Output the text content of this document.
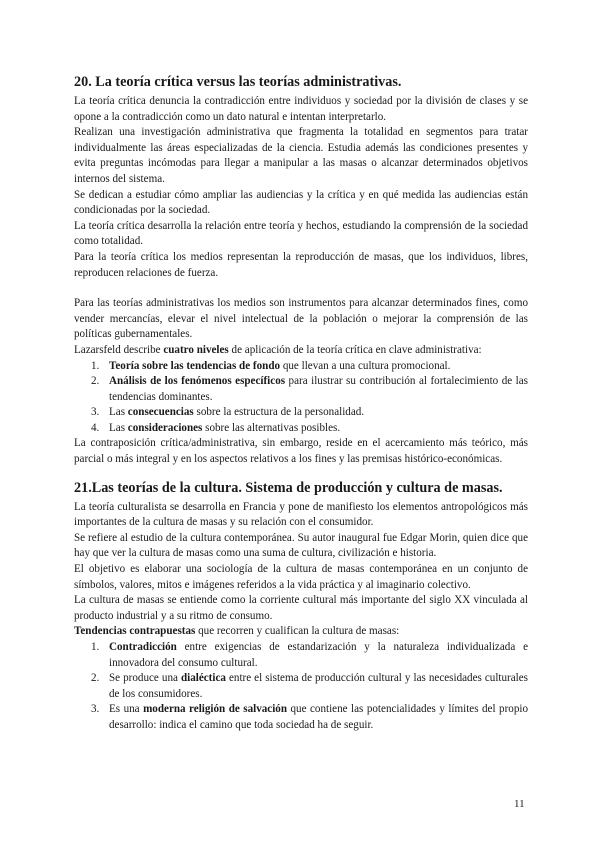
20. La teoría crítica versus las teorías administrativas.

La teoría crítica denuncia la contradicción entre individuos y sociedad por la división de clases y se opone a la contradicción como un dato natural e intentan interpretarlo.

Realizan una investigación administrativa que fragmenta la totalidad en segmentos para tratar individualmente las áreas especializadas de la ciencia. Estudia además las condiciones presentes y evita preguntas incómodas para llegar a manipular a las masas o alcanzar determinados objetivos internos del sistema.

Se dedican a estudiar cómo ampliar las audiencias y la crítica y en qué medida las audiencias están condicionadas por la sociedad.

La teoría crítica desarrolla la relación entre teoría y hechos, estudiando la comprensión de la sociedad como totalidad.

Para la teoría crítica los medios representan la reproducción de masas, que los individuos, libres, reproducen relaciones de fuerza.

Para las teorías administrativas los medios son instrumentos para alcanzar determinados fines, como vender mercancías, elevar el nivel intelectual de la población o mejorar la comprensión de las políticas gubernamentales.

Lazarsfeld describe cuatro niveles de aplicación de la teoría crítica en clave administrativa:

1. Teoría sobre las tendencias de fondo que llevan a una cultura promocional.
2. Análisis de los fenómenos específicos para ilustrar su contribución al fortalecimiento de las tendencias dominantes.
3. Las consecuencias sobre la estructura de la personalidad.
4. Las consideraciones sobre las alternativas posibles.

La contraposición crítica/administrativa, sin embargo, reside en el acercamiento más teórico, más parcial o más integral y en los aspectos relativos a los fines y las premisas histórico-económicas.

21.Las teorías de la cultura. Sistema de producción y cultura de masas.

La teoría culturalista se desarrolla en Francia y pone de manifiesto los elementos antropológicos más importantes de la cultura de masas y su relación con el consumidor.

Se refiere al estudio de la cultura contemporánea. Su autor inaugural fue Edgar Morin, quien dice que hay que ver la cultura de masas como una suma de cultura, civilización e historia.

El objetivo es elaborar una sociología de la cultura de masas contemporánea en un conjunto de símbolos, valores, mitos e imágenes referidos a la vida práctica y al imaginario colectivo.

La cultura de masas se entiende como la corriente cultural más importante del siglo XX vinculada al producto industrial y a su ritmo de consumo.

Tendencias contrapuestas que recorren y cualifican la cultura de masas:

1. Contradicción entre exigencias de estandarización y la naturaleza individualizada e innovadora del consumo cultural.
2. Se produce una dialéctica entre el sistema de producción cultural y las necesidades culturales de los consumidores.
3. Es una moderna religión de salvación que contiene las potencialidades y límites del propio desarrollo: indica el camino que toda sociedad ha de seguir.
11
